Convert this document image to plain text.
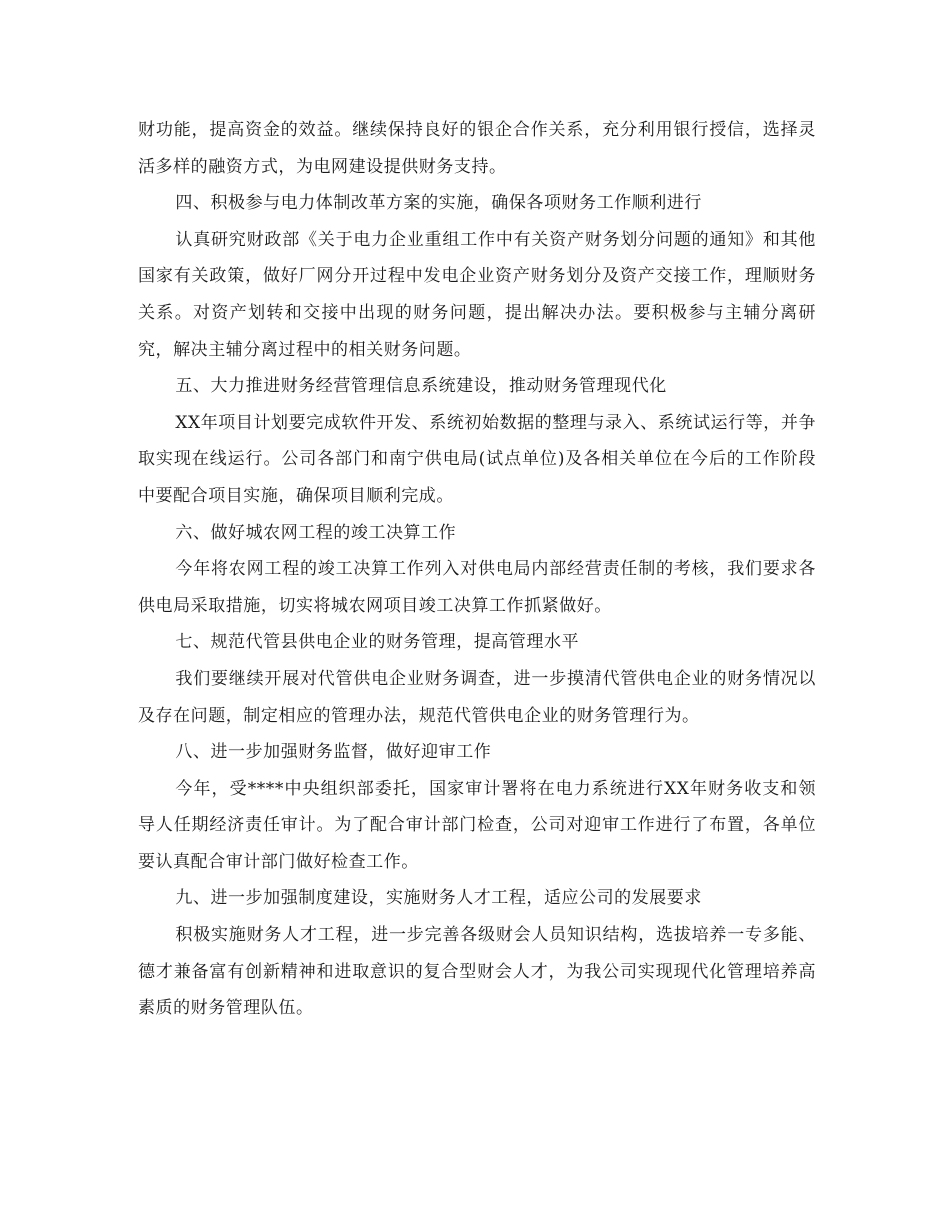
财功能，提高资金的效益。继续保持良好的银企合作关系，充分利用银行授信，选择灵活多样的融资方式，为电网建设提供财务支持。

四、积极参与电力体制改革方案的实施，确保各项财务工作顺利进行

认真研究财政部《关于电力企业重组工作中有关资产财务划分问题的通知》和其他国家有关政策，做好厂网分开过程中发电企业资产财务划分及资产交接工作，理顺财务关系。对资产划转和交接中出现的财务问题，提出解决办法。要积极参与主辅分离研究，解决主辅分离过程中的相关财务问题。

五、大力推进财务经营管理信息系统建设，推动财务管理现代化

XX年项目计划要完成软件开发、系统初始数据的整理与录入、系统试运行等，并争取实现在线运行。公司各部门和南宁供电局(试点单位)及各相关单位在今后的工作阶段中要配合项目实施，确保项目顺利完成。

六、做好城农网工程的竣工决算工作

今年将农网工程的竣工决算工作列入对供电局内部经营责任制的考核，我们要求各供电局采取措施，切实将城农网项目竣工决算工作抓紧做好。

七、规范代管县供电企业的财务管理，提高管理水平

我们要继续开展对代管供电企业财务调查，进一步摸清代管供电企业的财务情况以及存在问题，制定相应的管理办法，规范代管供电企业的财务管理行为。

八、进一步加强财务监督，做好迎审工作

今年，受****中央组织部委托，国家审计署将在电力系统进行XX年财务收支和领导人任期经济责任审计。为了配合审计部门检查，公司对迎审工作进行了布置，各单位要认真配合审计部门做好检查工作。

九、进一步加强制度建设，实施财务人才工程，适应公司的发展要求

积极实施财务人才工程，进一步完善各级财会人员知识结构，选拔培养一专多能、德才兼备富有创新精神和进取意识的复合型财会人才，为我公司实现现代化管理培养高素质的财务管理队伍。
